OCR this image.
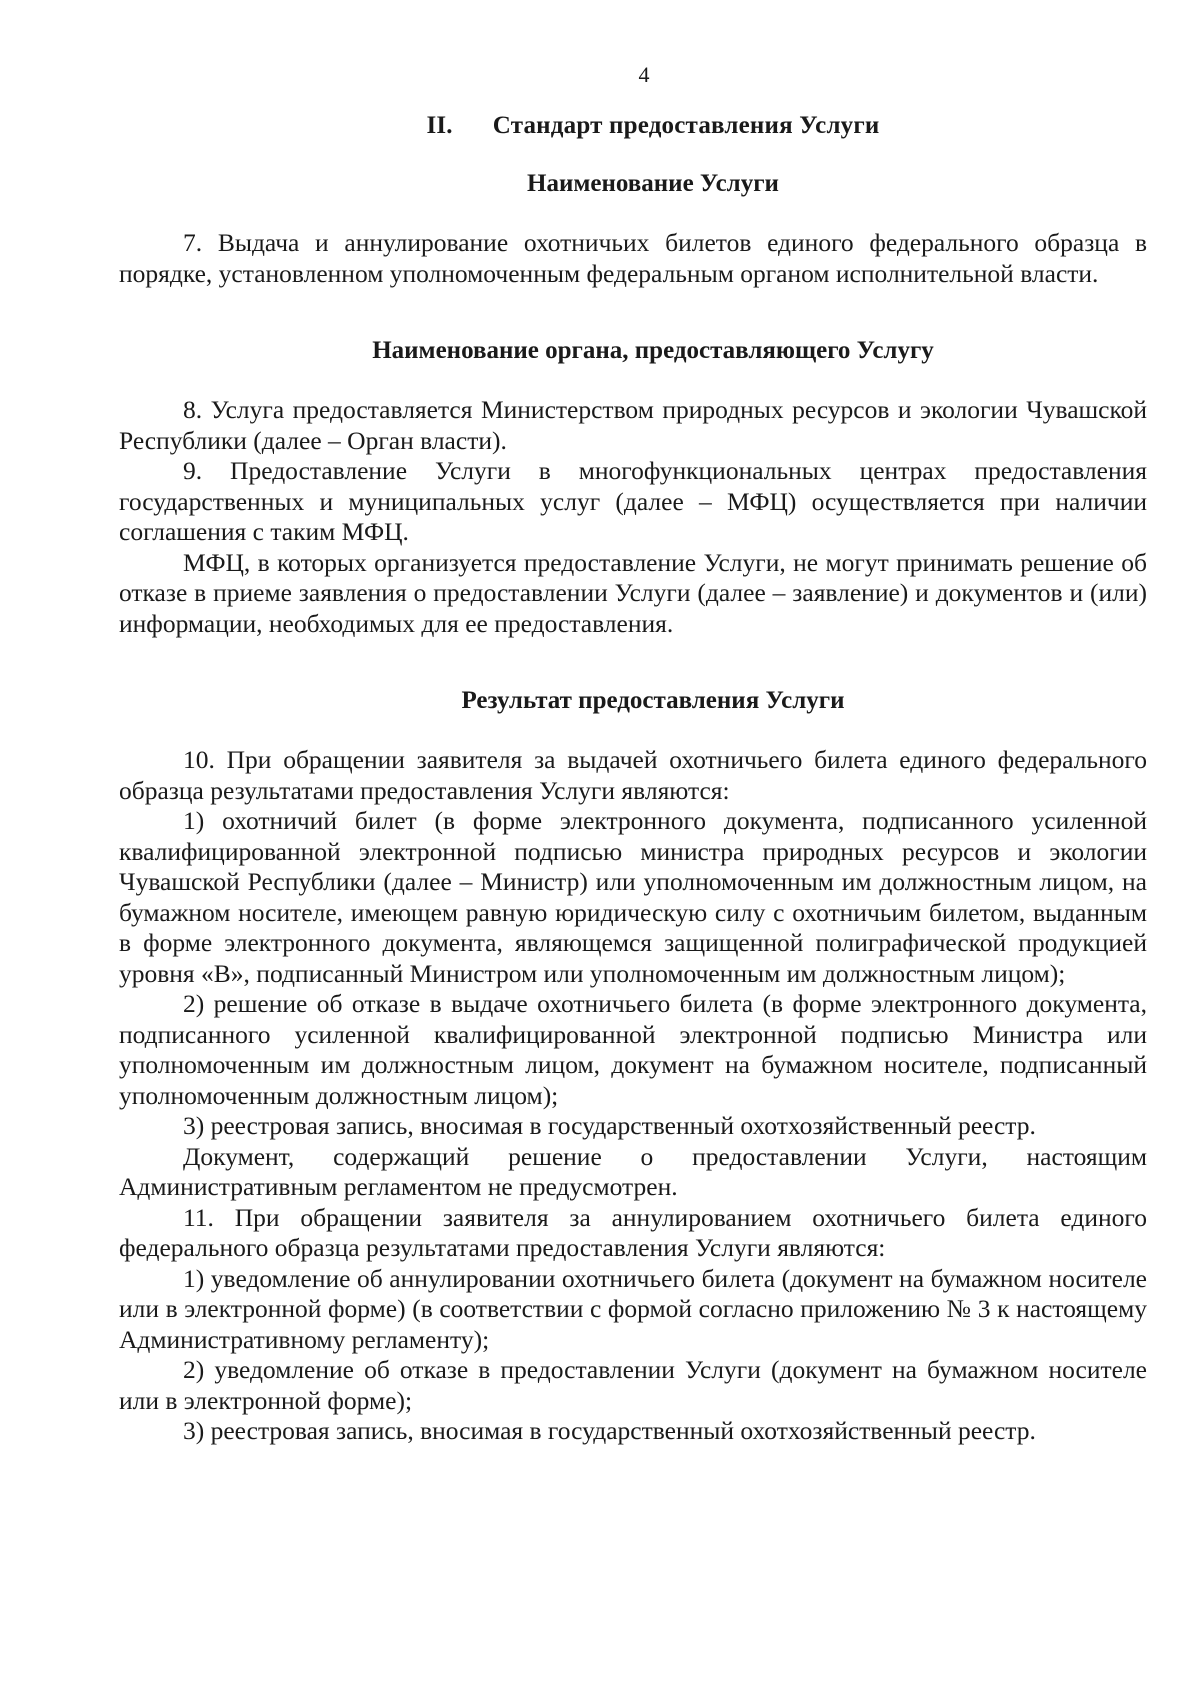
4
II. Стандарт предоставления Услуги
Наименование Услуги

7. Выдача и аннулирование охотничьих билетов единого федерального образца в порядке, установленном уполномоченным федеральным органом исполнительной власти.

Наименование органа, предоставляющего Услугу

8. Услуга предоставляется Министерством природных ресурсов и экологии Чувашской Республики (далее – Орган власти).

9. Предоставление Услуги в многофункциональных центрах предоставления государственных и муниципальных услуг (далее – МФЦ) осуществляется при наличии соглашения с таким МФЦ.

МФЦ, в которых организуется предоставление Услуги, не могут принимать решение об отказе в приеме заявления о предоставлении Услуги (далее – заявление) и документов и (или) информации, необходимых для ее предоставления.

Результат предоставления Услуги

10. При обращении заявителя за выдачей охотничьего билета единого федерального образца результатами предоставления Услуги являются:

1) охотничий билет (в форме электронного документа, подписанного усиленной квалифицированной электронной подписью министра природных ресурсов и экологии Чувашской Республики (далее – Министр) или уполномоченным им должностным лицом, на бумажном носителе, имеющем равную юридическую силу с охотничьим билетом, выданным в форме электронного документа, являющемся защищенной полиграфической продукцией уровня «В», подписанный Министром или уполномоченным им должностным лицом);

2) решение об отказе в выдаче охотничьего билета (в форме электронного документа, подписанного усиленной квалифицированной электронной подписью Министра или уполномоченным им должностным лицом, документ на бумажном носителе, подписанный уполномоченным должностным лицом);

3) реестровая запись, вносимая в государственный охотхозяйственный реестр.

Документ, содержащий решение о предоставлении Услуги, настоящим Административным регламентом не предусмотрен.

11. При обращении заявителя за аннулированием охотничьего билета единого федерального образца результатами предоставления Услуги являются:

1) уведомление об аннулировании охотничьего билета (документ на бумажном носителе или в электронной форме) (в соответствии с формой согласно приложению № 3 к настоящему Административному регламенту);

2) уведомление об отказе в предоставлении Услуги (документ на бумажном носителе или в электронной форме);

3) реестровая запись, вносимая в государственный охотхозяйственный реестр.
